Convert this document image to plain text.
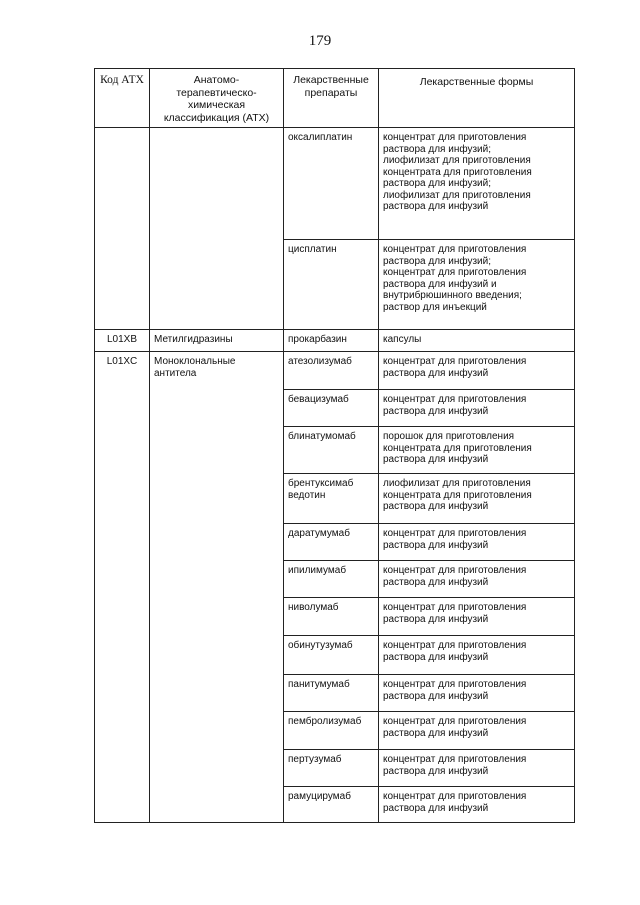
179
Код АТХ	Анатомо-терапевтическо-химическая классификация (АТХ)	Лекарственные препараты	Лекарственные формы
		оксалиплатин	концентрат для приготовления раствора для инфузий;
лиофилизат для приготовления концентрата для приготовления раствора для инфузий;
лиофилизат для приготовления раствора для инфузий

		цисплатин	концентрат для приготовления раствора для инфузий;
концентрат для приготовления раствора для инфузий и внутрибрюшинного введения;
раствор для инъекций

L01XB	Метилгидразины	прокарбазин	капсулы

L01XC	Моноклональные антитела	атезолизумаб	концентрат для приготовления раствора для инфузий

		бевацизумаб	концентрат для приготовления раствора для инфузий

		блинатумомаб	порошок для приготовления концентрата для приготовления раствора для инфузий

		брентуксимаб ведотин	лиофилизат для приготовления концентрата для приготовления раствора для инфузий

		даратумумаб	концентрат для приготовления раствора для инфузий

		ипилимумаб	концентрат для приготовления раствора для инфузий

		ниволумаб	концентрат для приготовления раствора для инфузий

		обинутузумаб	концентрат для приготовления раствора для инфузий

		панитумумаб	концентрат для приготовления раствора для инфузий

		пембролизумаб	концентрат для приготовления раствора для инфузий

		пертузумаб	концентрат для приготовления раствора для инфузий

		рамуцирумаб	концентрат для приготовления раствора для инфузий
